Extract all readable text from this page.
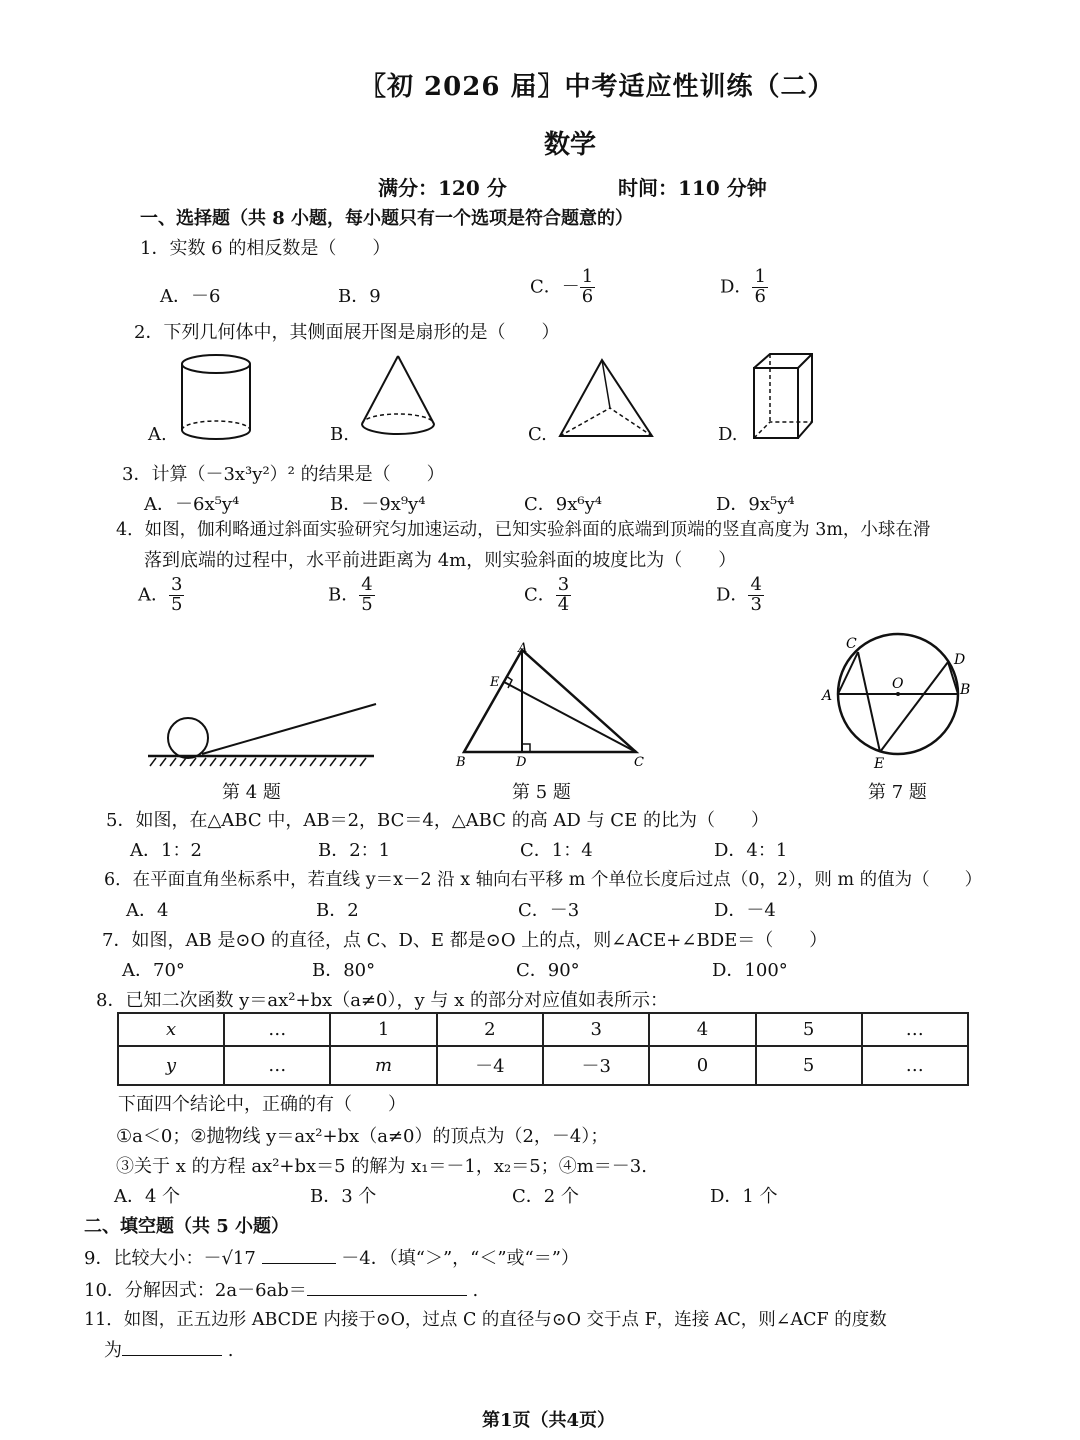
〖初 2026 届〗中考适应性训练（二）
数学
满分：120 分	时间：110 分钟
一、选择题（共 8 小题，每小题只有一个选项是符合题意的）
1．实数 6 的相反数是（　　）
A．－6	B．9	C．－ $\frac{1}{6}$	D． $\frac{1}{6}$
2．下列几何体中，其侧面展开图是扇形的是（　　）
A.	B.	C.	D.
3．计算（－3x³y²）² 的结果是（　　）
A．－6x⁵y⁴	B．－9x⁹y⁴	C．9x⁶y⁴	D．9x⁵y⁴
4．如图，伽利略通过斜面实验研究匀加速运动，已知实验斜面的底端到顶端的竖直高度为 3m，小球在滑
落到底端的过程中，水平前进距离为 4m，则实验斜面的坡度比为（　　）
A． $\frac{3}{5}$	B． $\frac{4}{5}$	C． $\frac{3}{4}$	D． $\frac{4}{3}$
第 4 题
A
E
B	D	C
第 5 题
C
D
A	B
O
E
第 7 题
5．如图，在△ABC 中，AB＝2，BC＝4，△ABC 的高 AD 与 CE 的比为（　　）
A．1：2	B．2：1	C．1：4	D．4：1
6．在平面直角坐标系中，若直线 y＝x－2 沿 x 轴向右平移 m 个单位长度后过点（0，2），则 m 的值为（　　）
A．4	B．2	C．－3	D．－4
7．如图，AB 是⊙O 的直径，点 C、D、E 都是⊙O 上的点，则∠ACE+∠BDE＝（　　）
A．70°	B．80°	C．90°	D．100°
8．已知二次函数 y＝ax²+bx（a≠0），y 与 x 的部分对应值如表所示：
x	…	1	2	3	4	5	…
y	…	m	－4	－3	0	5	…
下面四个结论中，正确的有（　　）
①a＜0；②抛物线 y＝ax²+bx（a≠0）的顶点为（2，－4）；
③关于 x 的方程 ax²+bx＝5 的解为 x₁＝－1，x₂＝5；④m＝－3.
A．4 个	B．3 个	C．2 个	D．1 个
二、填空题（共 5 小题）
9．比较大小：－√17	－4．（填“＞”，“＜”或“＝”）
10．分解因式：2a－6ab＝	.
11．如图，正五边形 ABCDE 内接于⊙O，过点 C 的直径与⊙O 交于点 F，连接 AC，则∠ACF 的度数
为	.
第1页（共4页）
